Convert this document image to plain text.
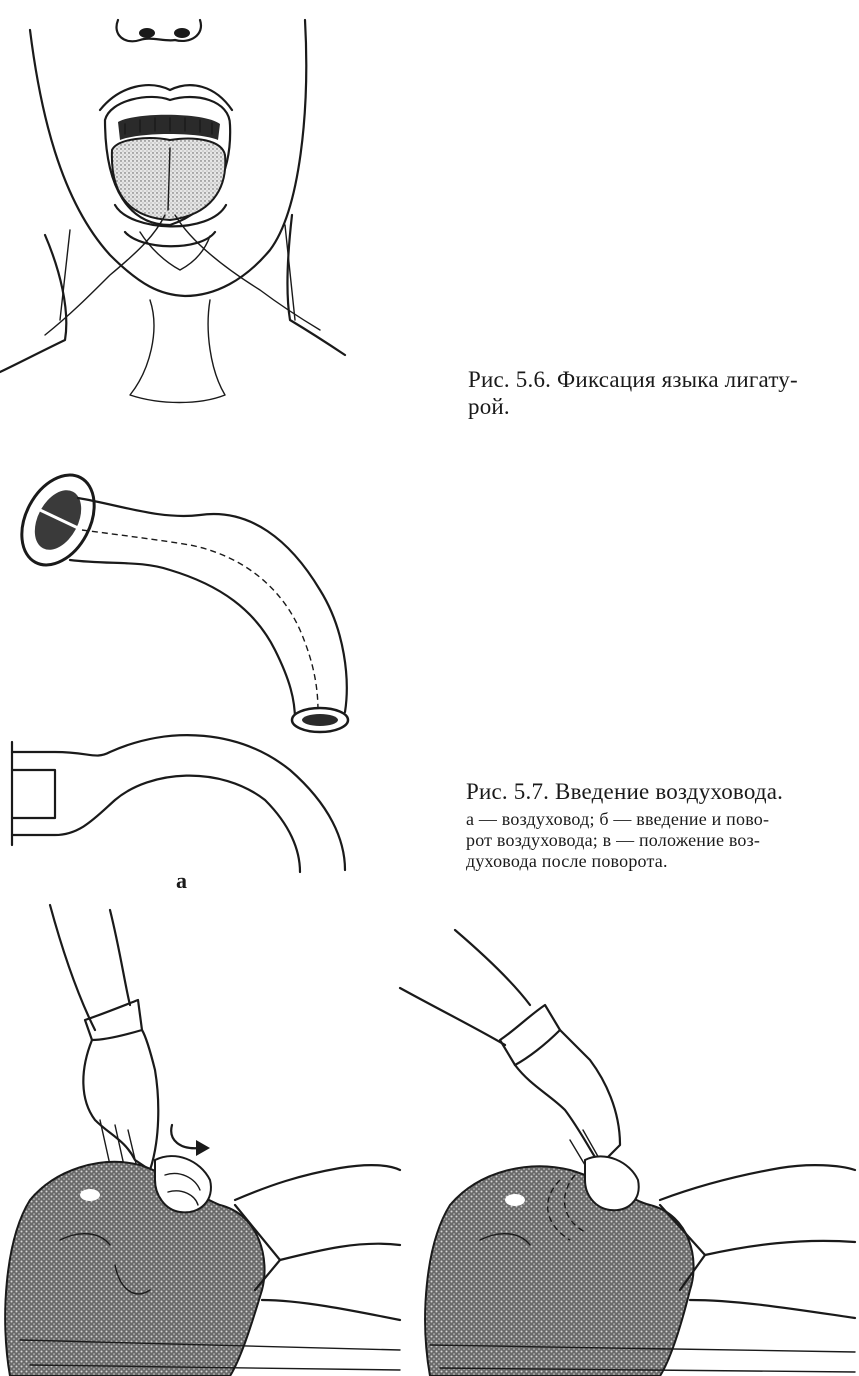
Рис. 5.6. Фиксация языка лигату-
рой.
а
Рис. 5.7. Введение воздуховода.
а — воздуховод; б — введение и пово-
рот воздуховода; в — положение воз-
духовода после поворота.
